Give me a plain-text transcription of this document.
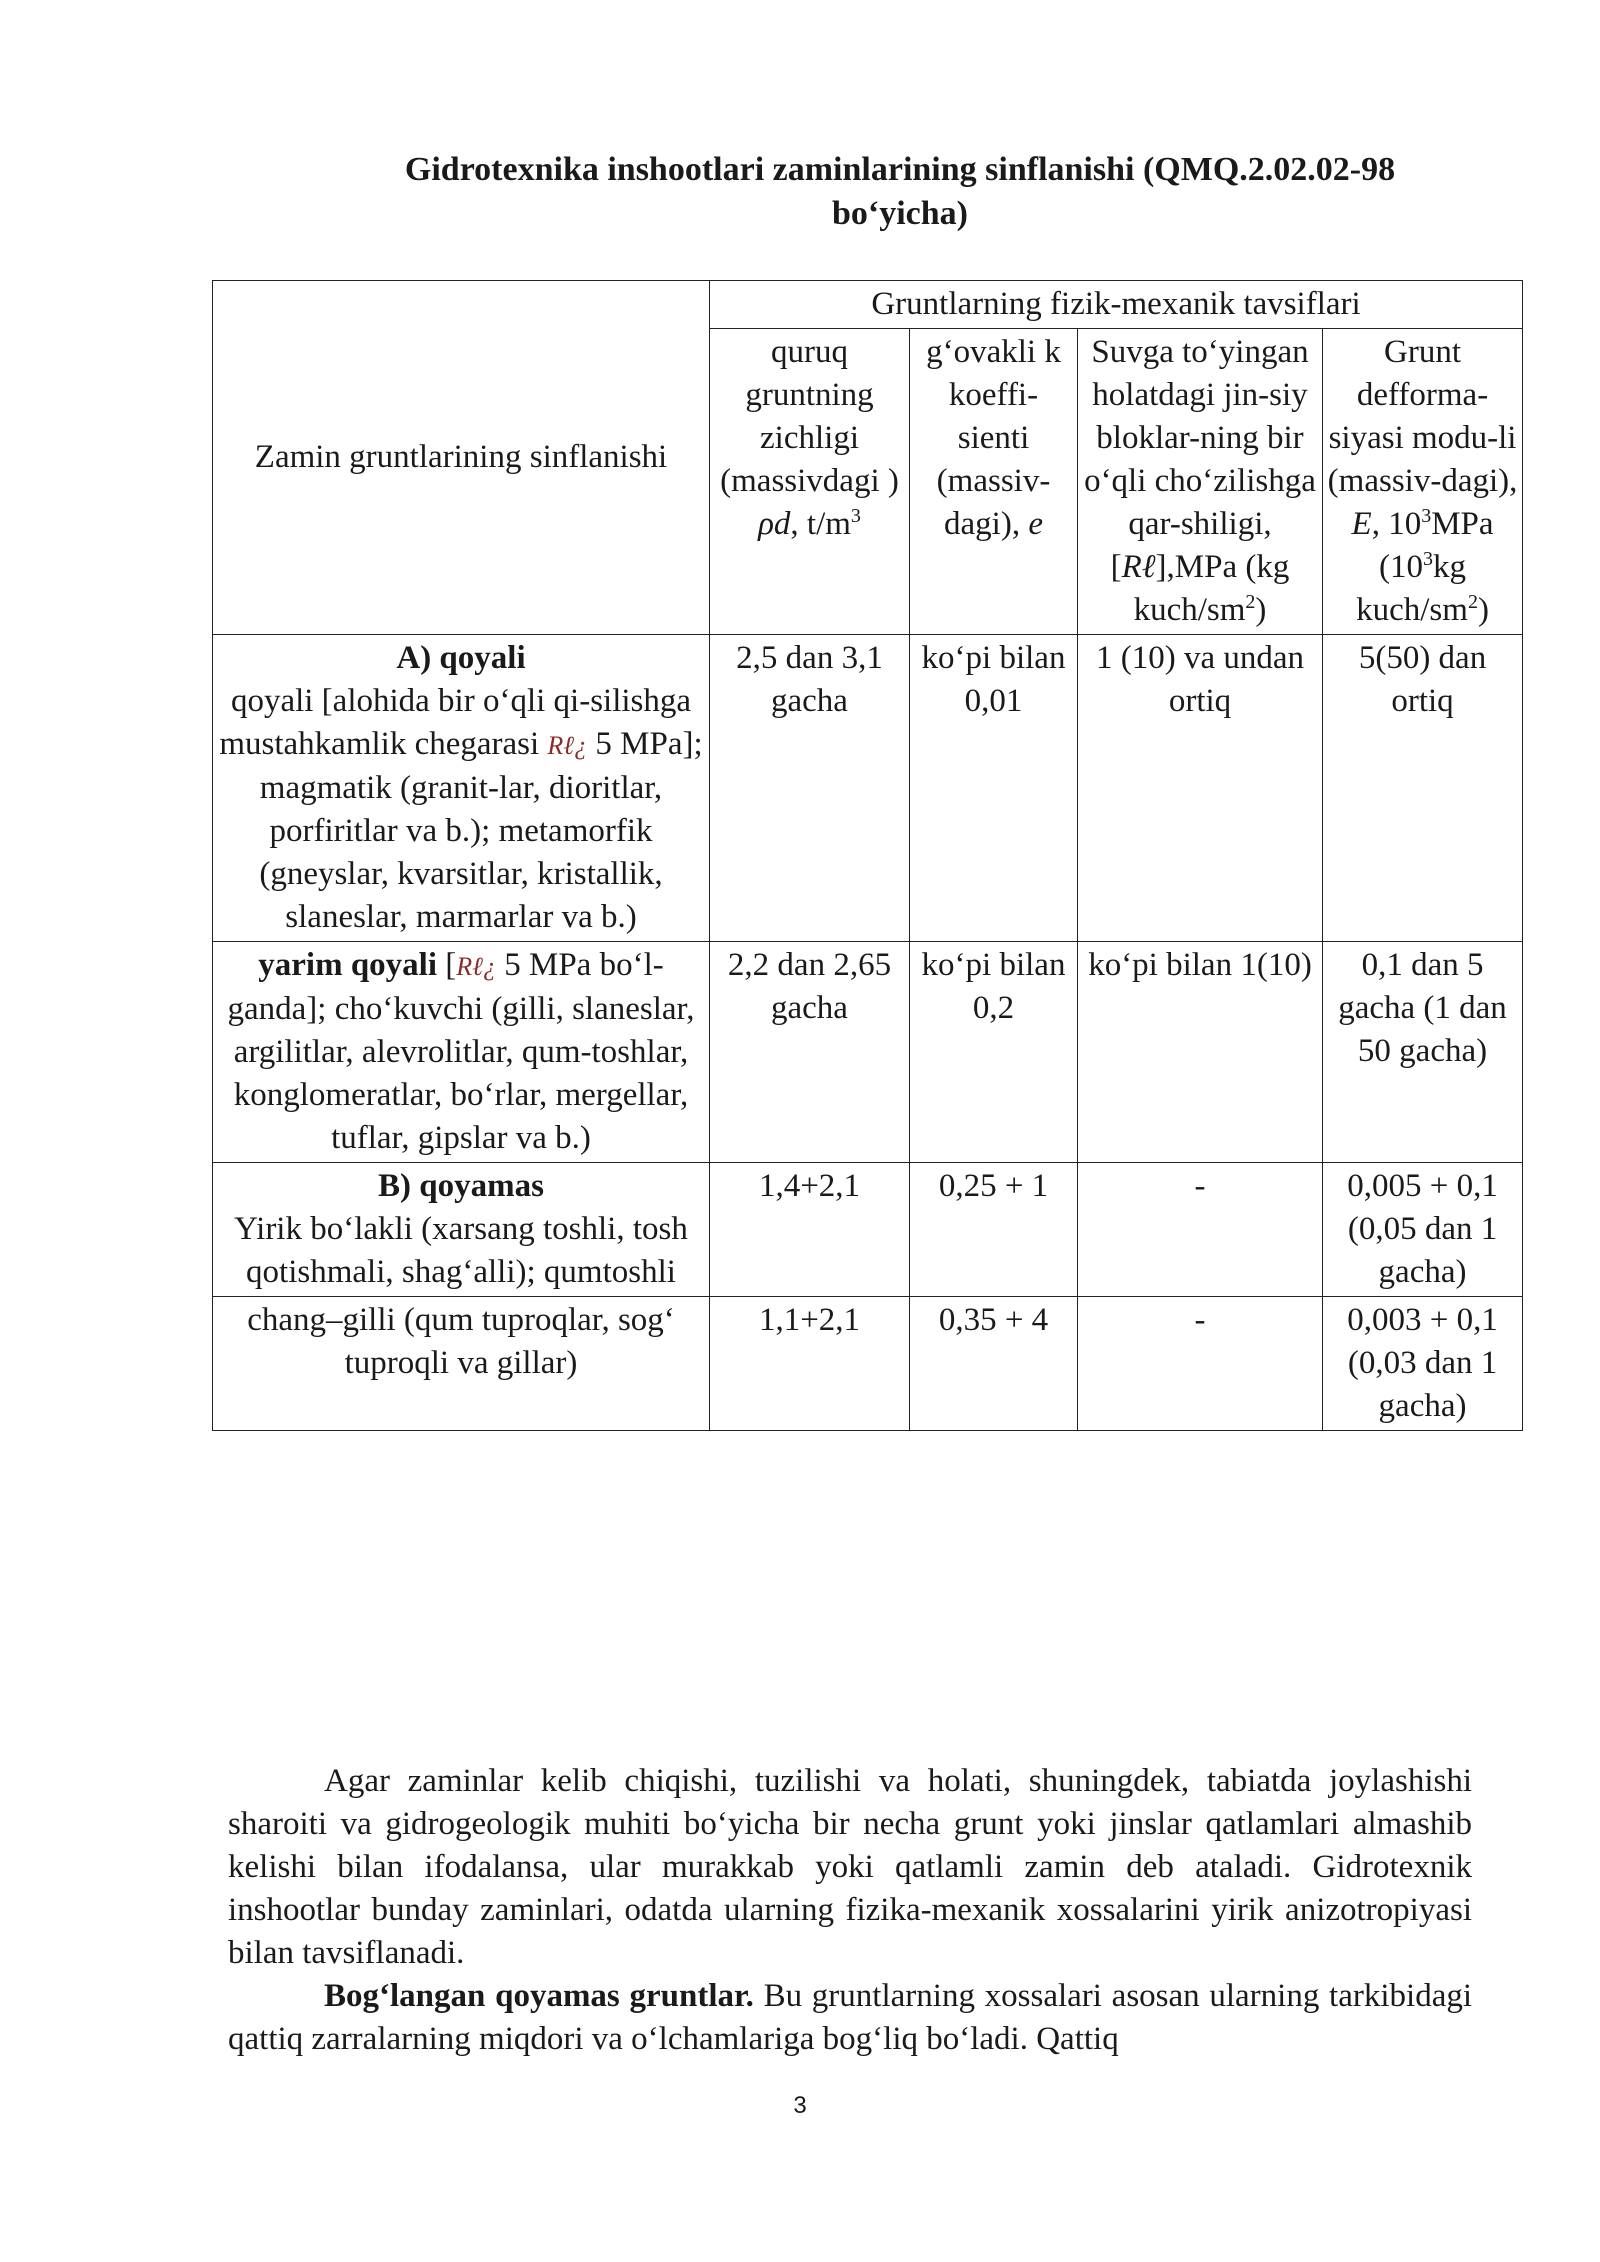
Gidrotexnika inshootlari zaminlarining sinflanishi (QMQ.2.02.02-98
bo‘yicha)
Zamin gruntlarining sinflanishi	Gruntlarning fizik-mexanik tavsiflari			
	quruq gruntning zichligi (massivdagi ) ρd, $t/m^3$	g‘ovakli k koeffi-sienti (massiv-dagi), e	Suvga to‘yingan holatdagi jin-siy bloklar-ning bir o‘qli cho‘zilishga qar-shiligi, [Rℓ],MPa (kg kuch/$sm^2$)	Grunt defforma-siyasi modu-li (massiv-dagi), E, $10^3MPa$ ($10^3kg$ kuch/$sm^2$)
A) qoyali
qoyali [alohida bir o‘qli qi-silishga mustahkamlik chegarasi Rℓ¿ 5 MPa]; magmatik (granit-lar, dioritlar, porfiritlar va b.); metamorfik (gneyslar, kvarsitlar, kristallik, slaneslar, marmarlar va b.)	2,5 dan 3,1 gacha	ko‘pi bilan 0,01	1 (10) va undan ortiq	5(50) dan ortiq
yarim qoyali [Rℓ¿ 5 MPa bo‘l-ganda]; cho‘kuvchi (gilli, slaneslar, argilitlar, alevrolitlar, qum-toshlar, konglomeratlar, bo‘rlar, mergellar, tuflar, gipslar va b.)	2,2 dan 2,65 gacha	ko‘pi bilan 0,2	ko‘pi bilan 1(10)	0,1 dan 5 gacha (1 dan 50 gacha)
B) qoyamas
Yirik bo‘lakli (xarsang toshli, tosh qotishmali, shag‘alli); qumtoshli	1,4+2,1	0,25 + 1	-	0,005 + 0,1 (0,05 dan 1 gacha)
chang–gilli (qum tuproqlar, sog‘ tuproqli va gillar)	1,1+2,1	0,35 + 4	-	0,003 + 0,1 (0,03 dan 1 gacha)
Agar zaminlar kelib chiqishi, tuzilishi va holati, shuningdek, tabiatda joylashishi sharoiti va gidrogeologik muhiti bo‘yicha bir necha grunt yoki jinslar qatlamlari almashib kelishi bilan ifodalansa, ular murakkab yoki qatlamli zamin deb ataladi. Gidrotexnik inshootlar bunday zaminlari, odatda ularning fizika-mexanik xossalarini yirik anizotropiyasi bilan tavsiflanadi.
Bog‘langan qoyamas gruntlar. Bu gruntlarning xossalari asosan ularning tarkibidagi qattiq zarralarning miqdori va o‘lchamlariga bog‘liq bo‘ladi. Qattiq
3
